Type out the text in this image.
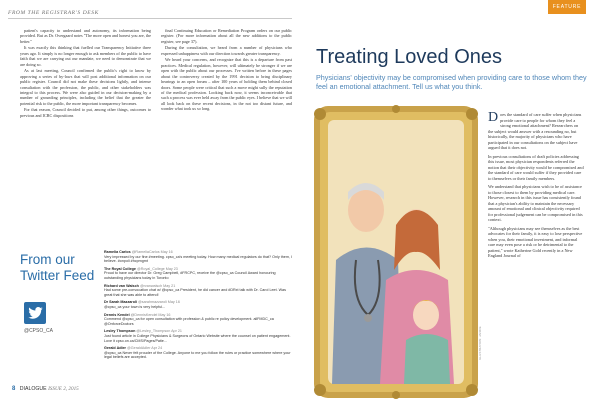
FROM THE REGISTRAR'S DESK

patient's capacity to understand and autonomy, its information being provided. But as Dr. Overgaard notes "The more open and honest you are, the better."

It was exactly this thinking that fuelled our Transparency Initiative three years ago. It simply is no longer enough to ask members of the public to have faith that we are carrying out our mandate, we need to demonstrate that we are doing so.

As at last meeting, Council confirmed the public's right to know by approving a series of by-laws that will post additional information on our public register. Council did not make these decisions lightly, and intense consultation with the profession, the public, and other stakeholders was integral to this process. We were also guided in our decision-making by a number of grounding principles, including the belief that the greater the potential risk to the public, the more important transparency becomes.

For that reason, Council decided to put, among other things, outcomes to previous and ICRC dispositions

final Continuing Education or Remediation Program orders on our public register. (For more information about all the new additions to the public register, see page 37).

During the consultation, we heard from a number of physicians who expressed unhappiness with our direction towards greater transparency.

We heard your concerns, and recognize that this is a departure from past practices. Medical regulation, however, will ultimately be stronger if we are open with the public about our processes. I've written before in these pages about the controversy created by the 1991 decision to bring disciplinary hearings to an open forum – after 100 years of holding them behind closed doors. Some people were critical that such a move might sully the reputation of the medical profession. Looking back now, it seems inconceivable that such a process was ever held away from the public eyes. I believe that we will all look back on these recent decisions, in the not too distant future, and wonder what took us so long.

From our
Twitter Feed
@CPSO_CA
Ramelia Carlos @RameliaCarlos May 16
Very impressed by our fine #meeting. cpso_ca's meeting today. How many medical regulators do that? Only them, I believe. #onpoli #hcpmgmt
The Royal College @Royal_College May 23
Proud to have our director Dr. Greg Campbell, #FRCPC, receive the @cpso_ca Council Award honouring outstanding physicians today in Toronto
Richard van Walsch @rvanwalsch May 21
Had some pre-convocation chat w/ @cpso_ca President, he did cancer and #DRxt talk with Dr. Carol Leet. Was great that she was able to attend!
Dr Sarah Mazzaroli @sarahmazzaroli May 16
@cpso_ca your town is very helpful...
Dennis Kendel @DennisKendel May 16
Commend @cpso_ca for open consultation with profession & public re policy development. allFMDC_ca @OnforceDoctors
Lesley Thompson @Lesley_Thompson Apr 21
Just found article in College Physicians & Surgeons of Ontario Website where the counsel on patient engagement. Love it cpso.on.ca/CMS/Pages/Patie...
Gerald Adler @GeraldAdler Apr 24
@cpso_ca Never felt prouder of the College. Anyone to me you follow the rules or practice somewhere where your legal beliefs are accepted.
8 DIALOGUE ISSUE 2, 2015
FEATURE
Treating Loved Ones
Physicians' objectivity may be compromised when providing care to those whom they feel an emotional attachment. Tell us what you think.
ILLUSTRATION: JANICE

Does the standard of care suffer when physicians provide care to people for whom they feel a strong emotional attachment? Researchers on the subject would answer with a resounding no, but historically, the majority of physicians who have participated in our consultations on the subject have argued that it does not.

In previous consultations of draft policies addressing this issue, most physician respondents referred the notion that their objectivity would be compromised and the standard of care would suffer if they provided care to themselves or their family members.

We understand that physicians wish to be of assistance to those closest to them by providing medical care. However, research in this issue has consistently found that a physician's ability to maintain the necessary amount of emotional and clinical objectivity required for professional judgement can be compromised in this context.

"Although physicians may see themselves as the best advocates for their family, it is easy to lose perspective when you, their emotional investment, and informal care may even pose a risk or be detrimental to the patient," wrote Katherine Gold recently in a New England Journal of
